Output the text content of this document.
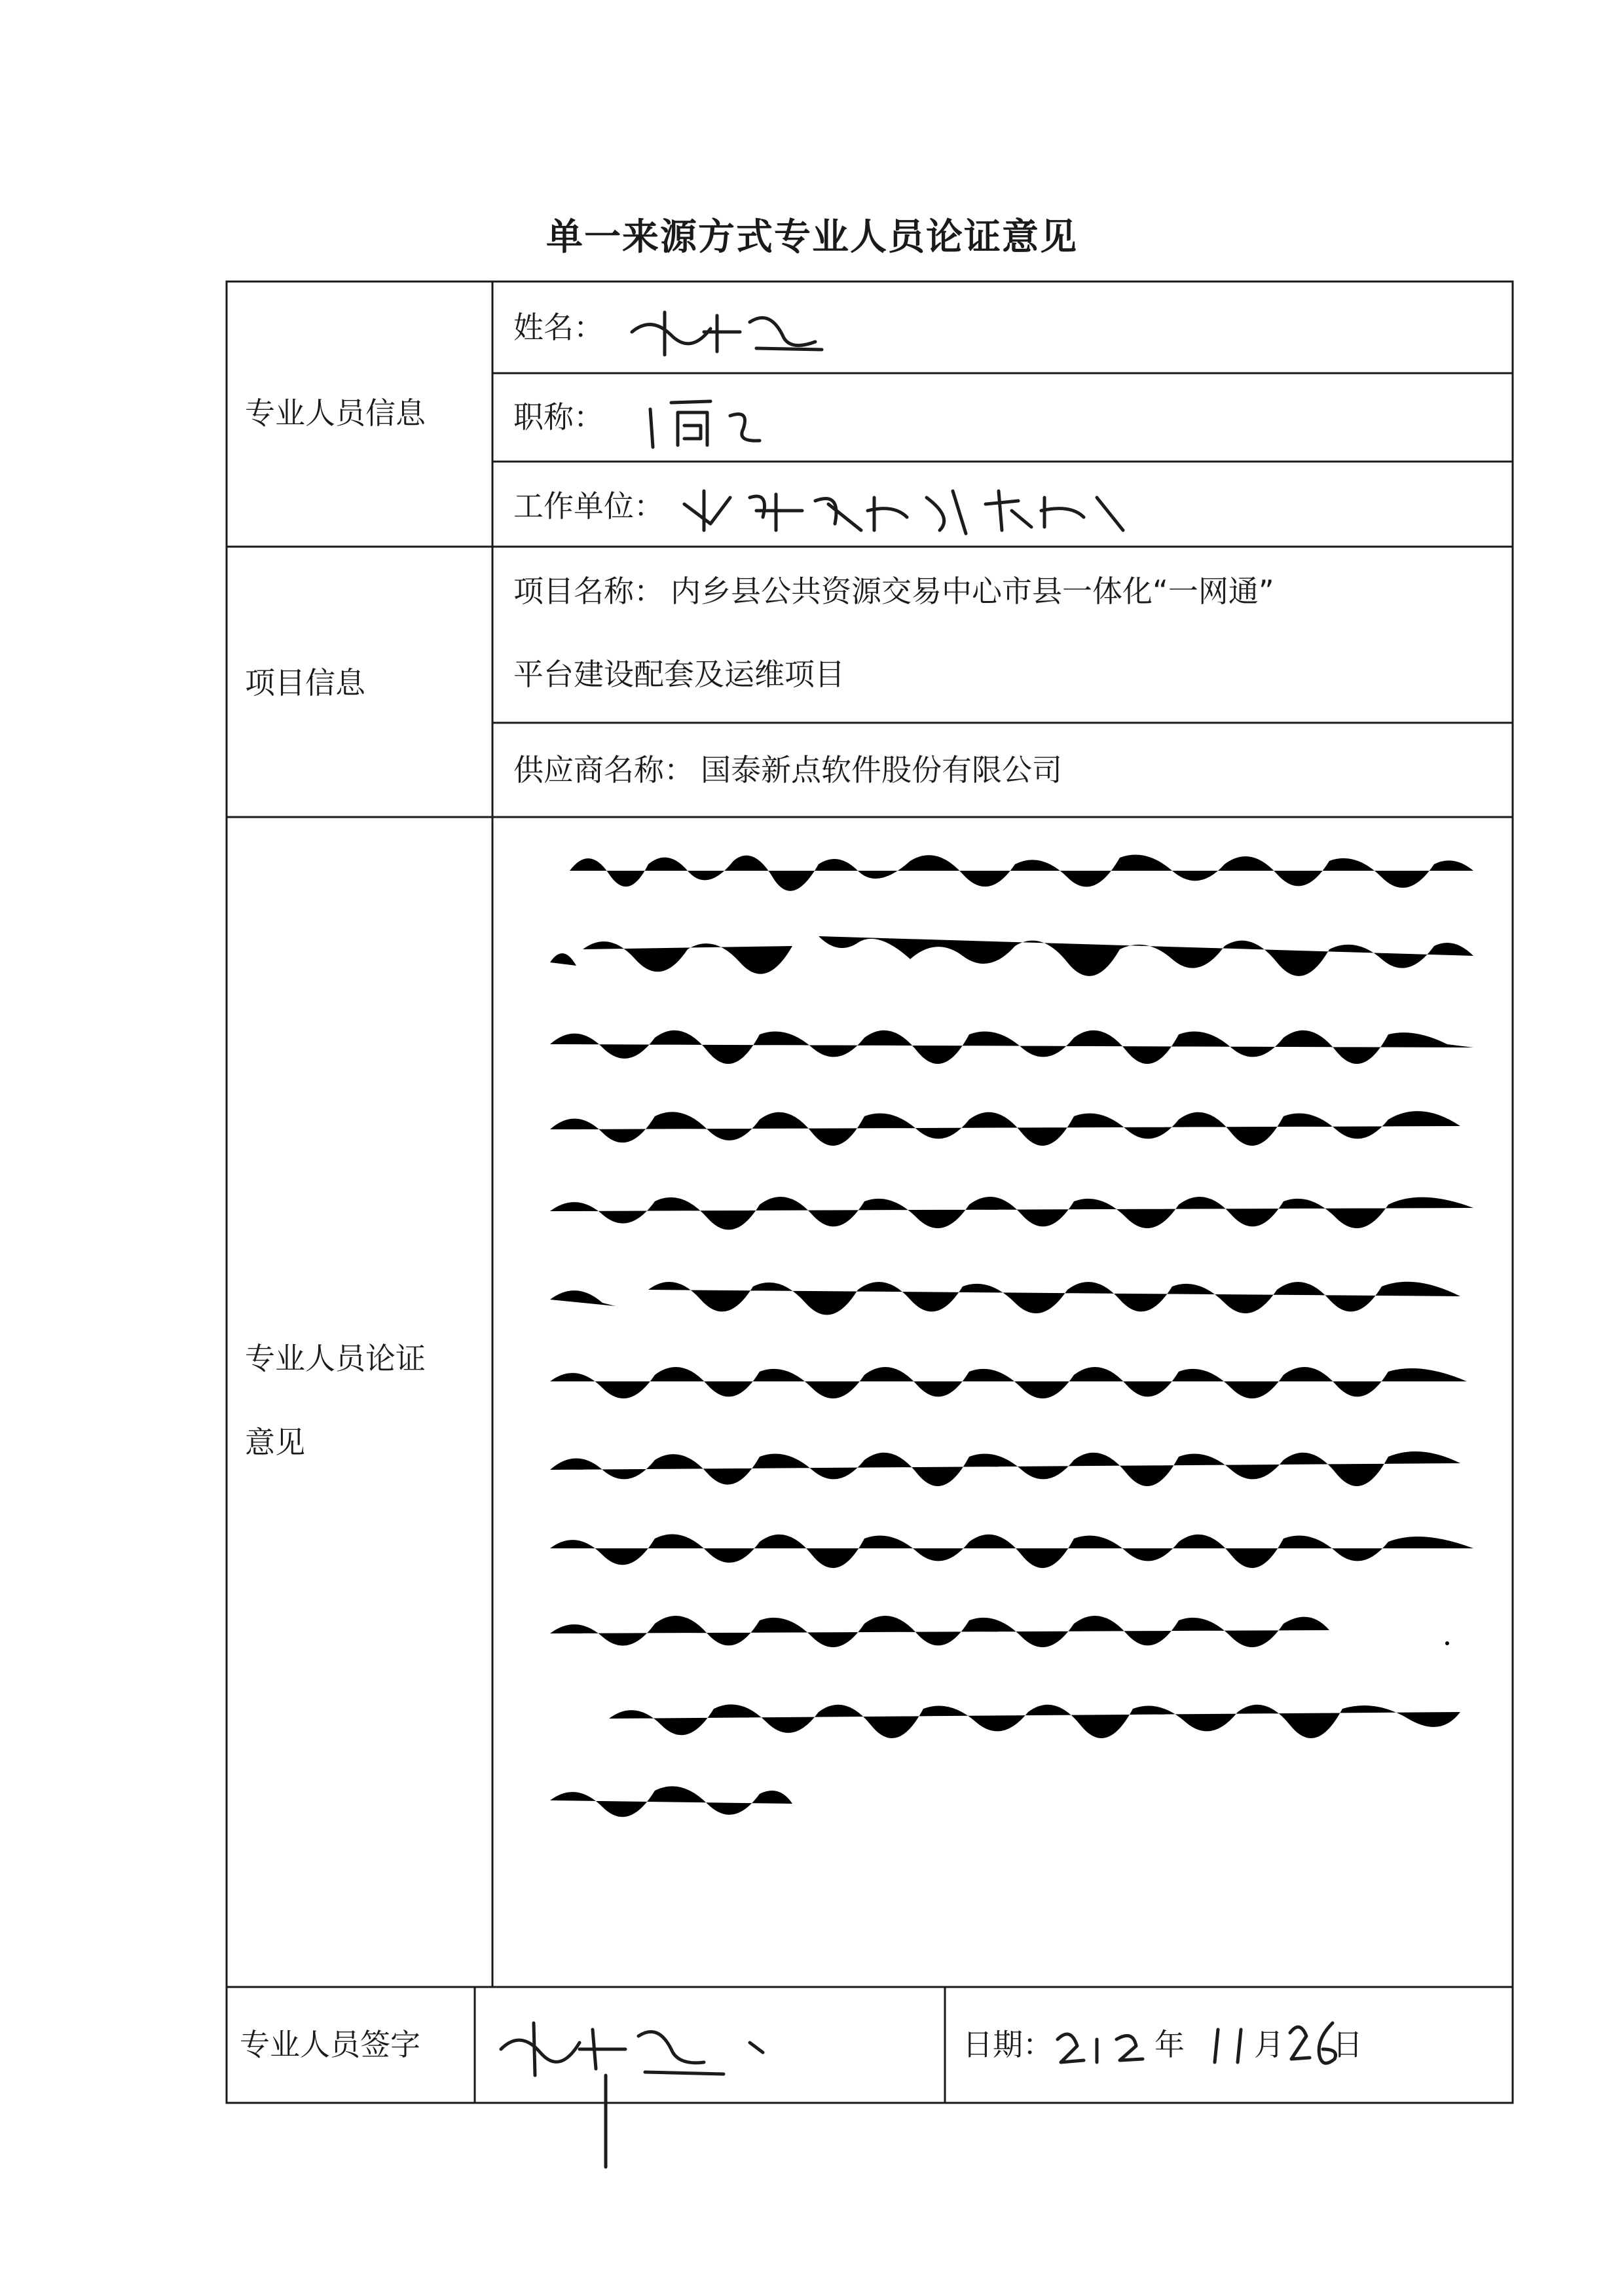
单一来源方式专业人员论证意见
专业人员信息
姓名：
职称：
工作单位：
项目信息
项目名称： 内乡县公共资源交易中心市县一体化“一网通”
平台建设配套及运维项目
供应商名称： 国泰新点软件股份有限公司
专业人员论证
意见
专业人员签字	日期：	年 月 日
